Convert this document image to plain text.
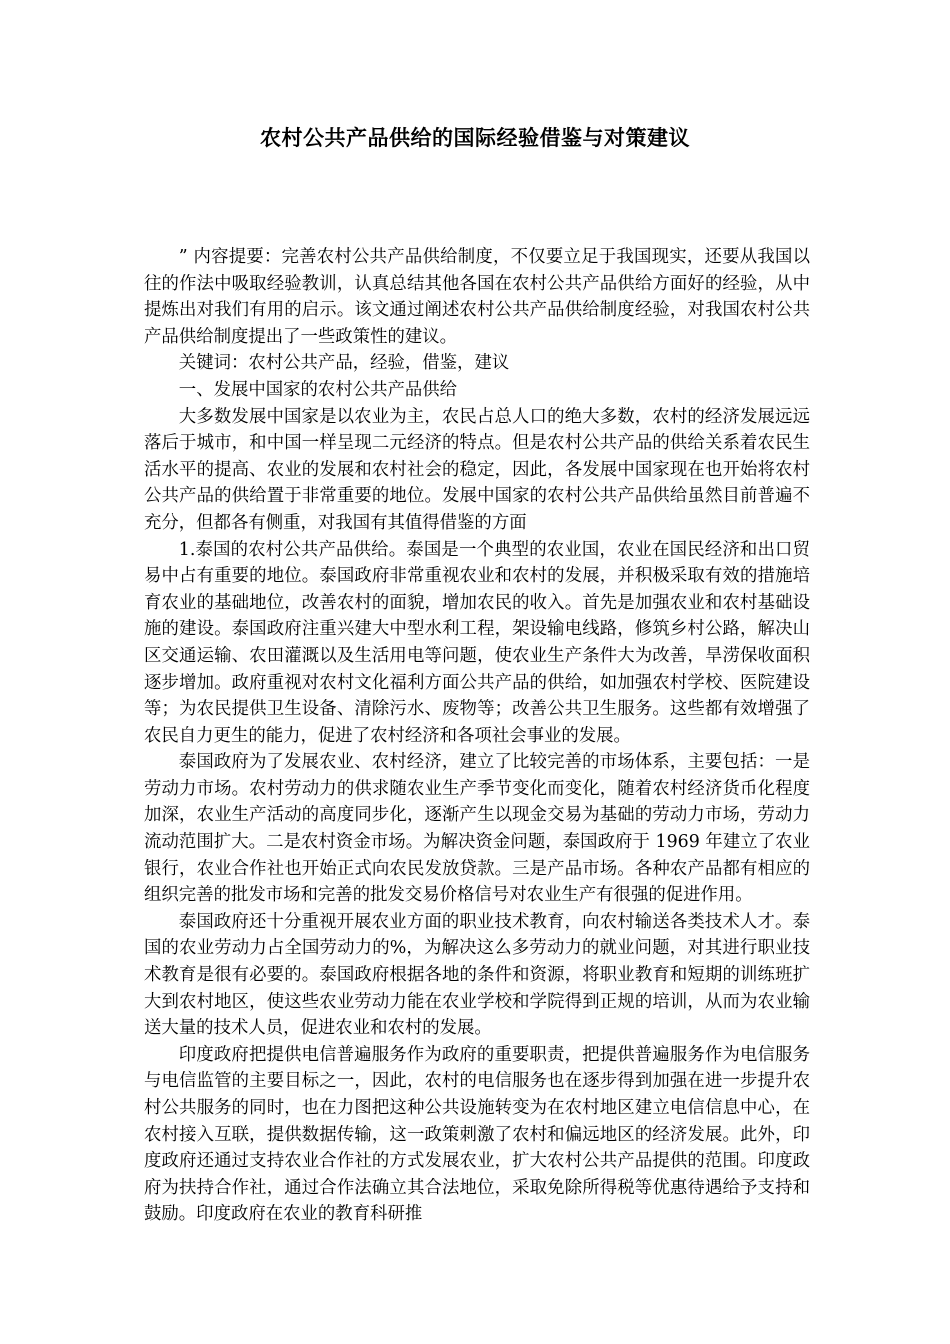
农村公共产品供给的国际经验借鉴与对策建议

” 内容提要：完善农村公共产品供给制度，不仅要立足于我国现实，还要从我国以往的作法中吸取经验教训，认真总结其他各国在农村公共产品供给方面好的经验，从中提炼出对我们有用的启示。该文通过阐述农村公共产品供给制度经验，对我国农村公共产品供给制度提出了一些政策性的建议。

关键词：农村公共产品，经验，借鉴，建议

一、发展中国家的农村公共产品供给

大多数发展中国家是以农业为主，农民占总人口的绝大多数，农村的经济发展远远落后于城市，和中国一样呈现二元经济的特点。但是农村公共产品的供给关系着农民生活水平的提高、农业的发展和农村社会的稳定，因此，各发展中国家现在也开始将农村公共产品的供给置于非常重要的地位。发展中国家的农村公共产品供给虽然目前普遍不充分，但都各有侧重，对我国有其值得借鉴的方面

1.泰国的农村公共产品供给。泰国是一个典型的农业国，农业在国民经济和出口贸易中占有重要的地位。泰国政府非常重视农业和农村的发展，并积极采取有效的措施培育农业的基础地位，改善农村的面貌，增加农民的收入。首先是加强农业和农村基础设施的建设。泰国政府注重兴建大中型水利工程，架设输电线路，修筑乡村公路，解决山区交通运输、农田灌溉以及生活用电等问题，使农业生产条件大为改善，旱涝保收面积逐步增加。政府重视对农村文化福利方面公共产品的供给，如加强农村学校、医院建设等；为农民提供卫生设备、清除污水、废物等；改善公共卫生服务。这些都有效增强了农民自力更生的能力，促进了农村经济和各项社会事业的发展。

泰国政府为了发展农业、农村经济，建立了比较完善的市场体系，主要包括：一是劳动力市场。农村劳动力的供求随农业生产季节变化而变化，随着农村经济货币化程度加深，农业生产活动的高度同步化，逐渐产生以现金交易为基础的劳动力市场，劳动力流动范围扩大。二是农村资金市场。为解决资金问题，泰国政府于 1969 年建立了农业银行，农业合作社也开始正式向农民发放贷款。三是产品市场。各种农产品都有相应的组织完善的批发市场和完善的批发交易价格信号对农业生产有很强的促进作用。

泰国政府还十分重视开展农业方面的职业技术教育，向农村输送各类技术人才。泰国的农业劳动力占全国劳动力的%，为解决这么多劳动力的就业问题，对其进行职业技术教育是很有必要的。泰国政府根据各地的条件和资源，将职业教育和短期的训练班扩大到农村地区，使这些农业劳动力能在农业学校和学院得到正规的培训，从而为农业输送大量的技术人员，促进农业和农村的发展。

印度政府把提供电信普遍服务作为政府的重要职责，把提供普遍服务作为电信服务与电信监管的主要目标之一，因此，农村的电信服务也在逐步得到加强在进一步提升农村公共服务的同时，也在力图把这种公共设施转变为在农村地区建立电信信息中心，在农村接入互联，提供数据传输，这一政策刺激了农村和偏远地区的经济发展。此外，印度政府还通过支持农业合作社的方式发展农业，扩大农村公共产品提供的范围。印度政府为扶持合作社，通过合作法确立其合法地位，采取免除所得税等优惠待遇给予支持和鼓励。印度政府在农业的教育科研推
